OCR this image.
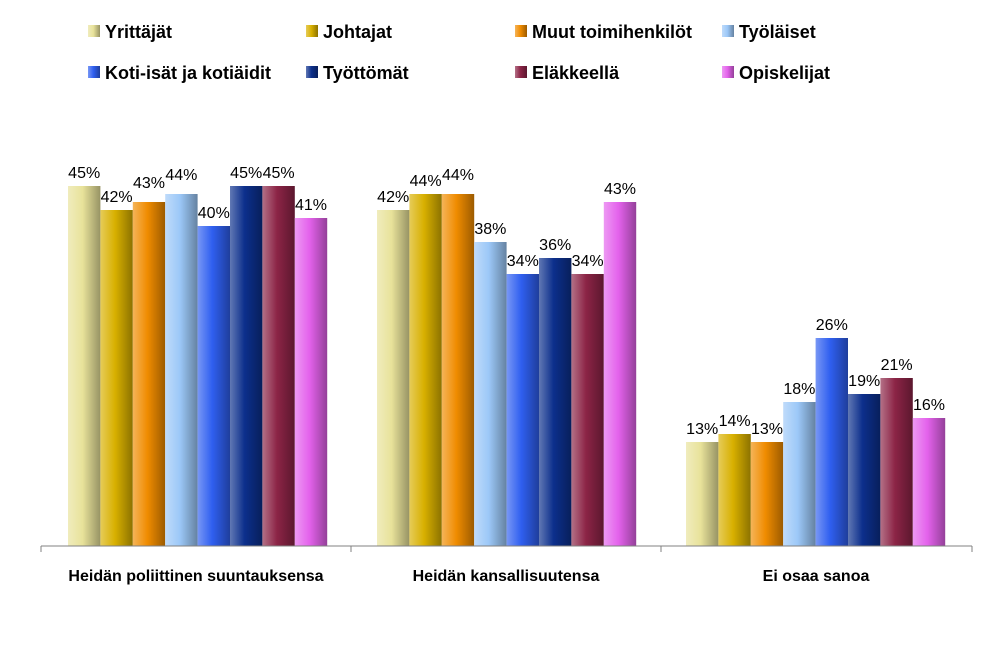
Yrittäjät	Johtajat	Muut toimihenkilöt	Työläiset
Koti-isät ja kotiäidit	Työttömät	Eläkkeellä	Opiskelijat
45%
42%
43% 44%
40%
45% 45%
41%	42%
44% 44%
38%
34%
36%
34%
43%
13% 14% 13%
18%
26%
19%
21%
16%
Heidän poliittinen suuntauksensa	Heidän kansallisuutensa	Ei osaa sanoa
